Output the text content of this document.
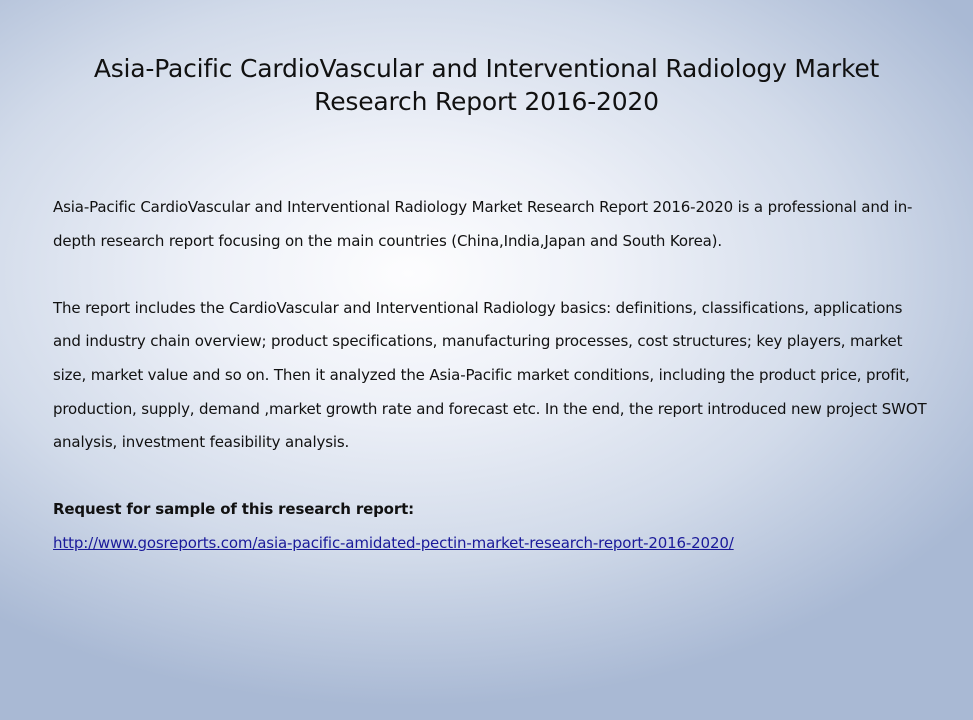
Asia-Pacific CardioVascular and Interventional Radiology Market Research Report 2016-2020

Asia-Pacific CardioVascular and Interventional Radiology Market Research Report 2016-2020 is a professional and in-depth research report focusing on the main countries (China,India,Japan and South Korea).

The report includes the CardioVascular and Interventional Radiology basics: definitions, classifications, applications and industry chain overview; product specifications, manufacturing processes, cost structures; key players, market size, market value and so on. Then it analyzed the Asia-Pacific market conditions, including the product price, profit, production, supply, demand ,market growth rate and forecast etc. In the end, the report introduced new project SWOT analysis, investment feasibility analysis.

Request for sample of this research report:
http://www.gosreports.com/asia-pacific-amidated-pectin-market-research-report-2016-2020/
